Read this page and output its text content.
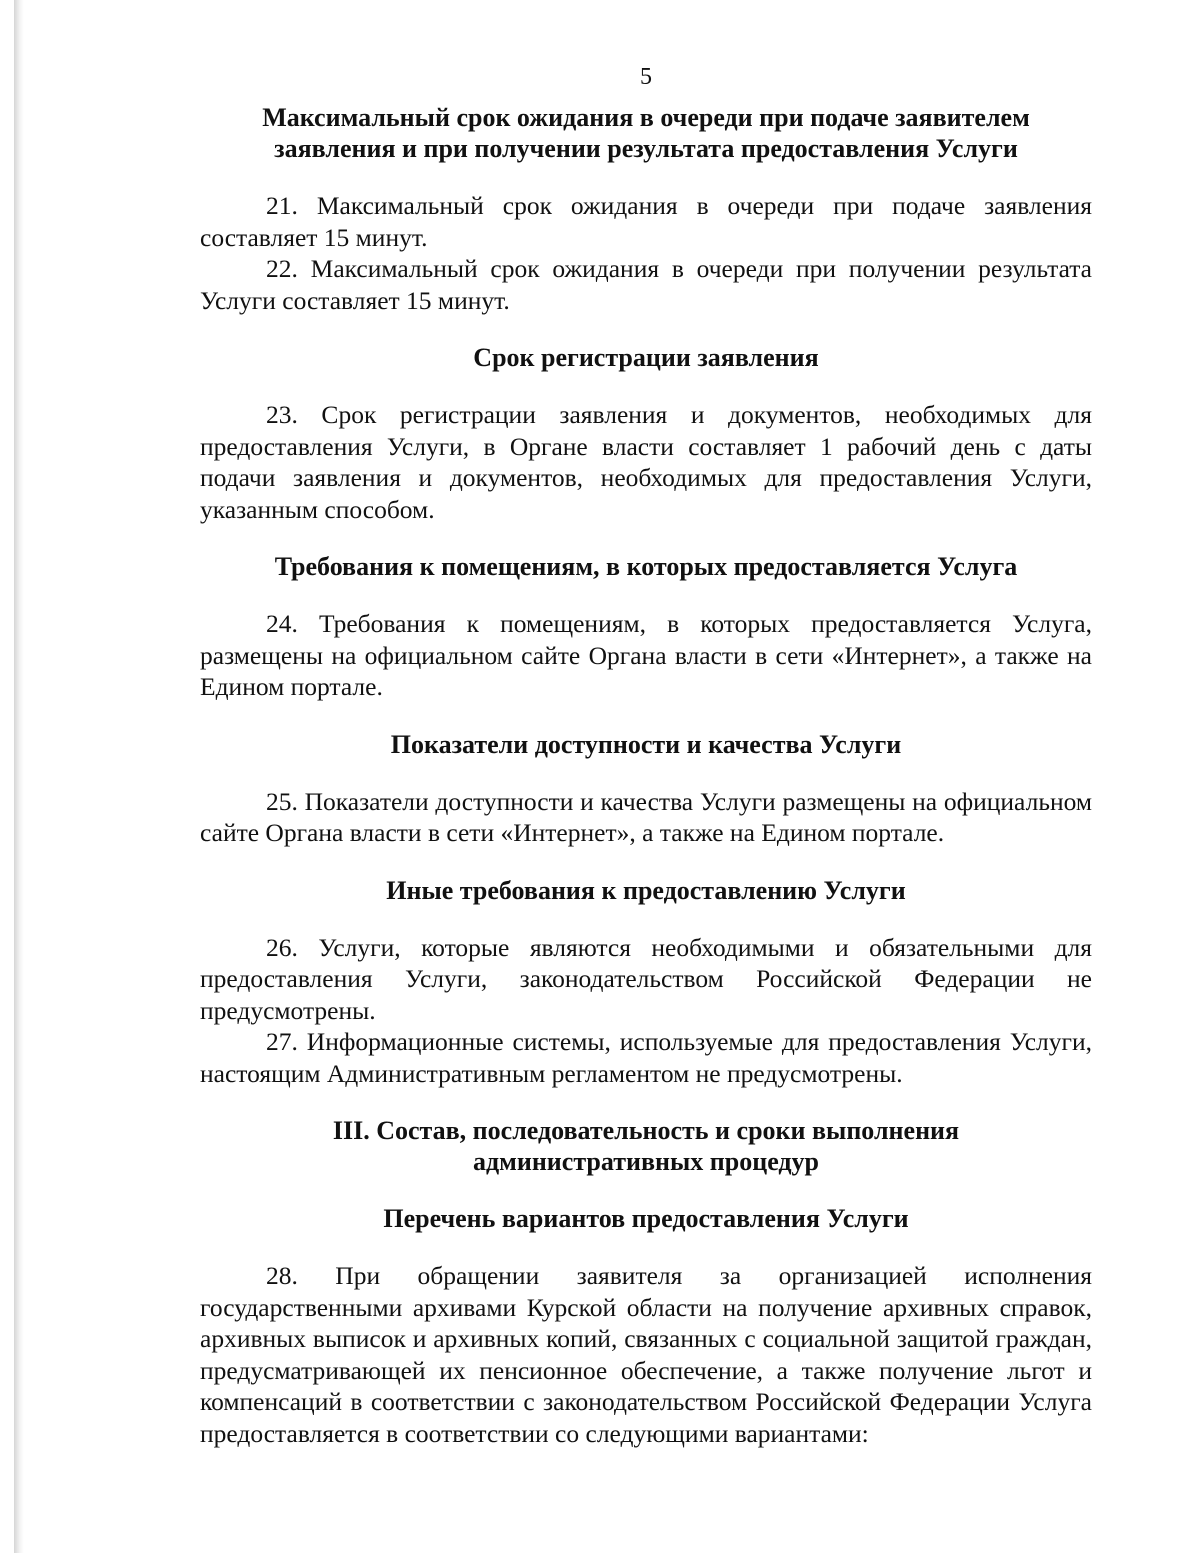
5
Максимальный срок ожидания в очереди при подаче заявителем
заявления и при получении результата предоставления Услуги

21. Максимальный срок ожидания в очереди при подаче заявления составляет 15 минут.

22. Максимальный срок ожидания в очереди при получении результата Услуги составляет 15 минут.

Срок регистрации заявления

23. Срок регистрации заявления и документов, необходимых для предоставления Услуги, в Органе власти составляет 1 рабочий день с даты подачи заявления и документов, необходимых для предоставления Услуги, указанным способом.

Требования к помещениям, в которых предоставляется Услуга

24. Требования к помещениям, в которых предоставляется Услуга, размещены на официальном сайте Органа власти в сети «Интернет», а также на Едином портале.

Показатели доступности и качества Услуги

25. Показатели доступности и качества Услуги размещены на официальном сайте Органа власти в сети «Интернет», а также на Едином портале.

Иные требования к предоставлению Услуги

26. Услуги, которые являются необходимыми и обязательными для предоставления Услуги, законодательством Российской Федерации не предусмотрены.

27. Информационные системы, используемые для предоставления Услуги, настоящим Административным регламентом не предусмотрены.

III. Состав, последовательность и сроки выполнения
административных процедур
Перечень вариантов предоставления Услуги

28. При обращении заявителя за организацией исполнения государственными архивами Курской области на получение архивных справок, архивных выписок и архивных копий, связанных с социальной защитой граждан, предусматривающей их пенсионное обеспечение, а также получение льгот и компенсаций в соответствии с законодательством Российской Федерации Услуга предоставляется в соответствии со следующими вариантами:
